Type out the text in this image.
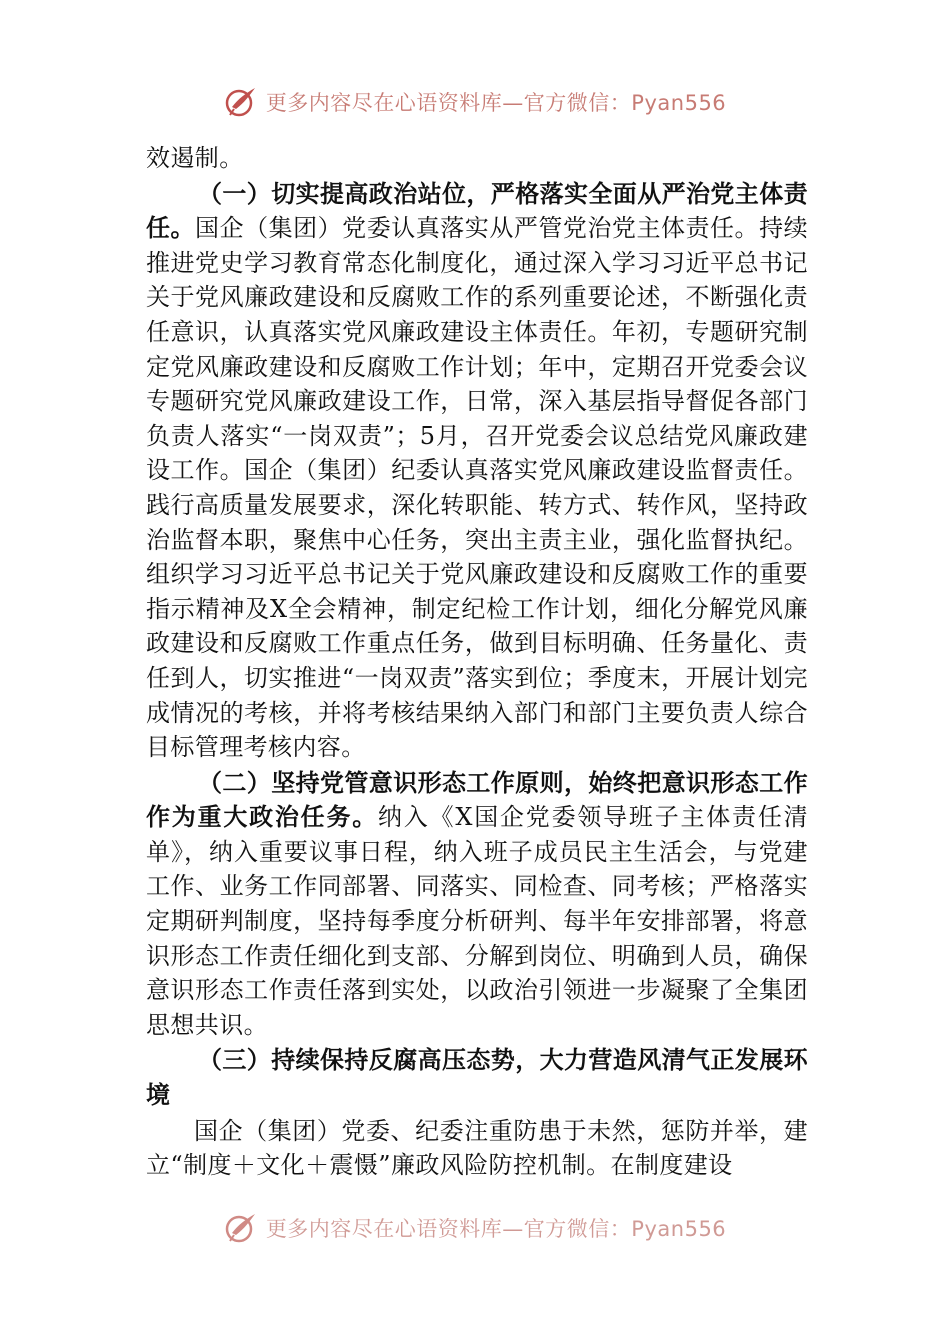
更多内容尽在心语资料库—官方微信：Pyan556

效遏制。

（一）切实提高政治站位，严格落实全面从严治党主体责任。国企（集团）党委认真落实从严管党治党主体责任。持续推进党史学习教育常态化制度化，通过深入学习习近平总书记关于党风廉政建设和反腐败工作的系列重要论述，不断强化责任意识，认真落实党风廉政建设主体责任。年初，专题研究制定党风廉政建设和反腐败工作计划；年中，定期召开党委会议专题研究党风廉政建设工作，日常，深入基层指导督促各部门负责人落实“一岗双责”；5月，召开党委会议总结党风廉政建设工作。国企（集团）纪委认真落实党风廉政建设监督责任。践行高质量发展要求，深化转职能、转方式、转作风，坚持政治监督本职，聚焦中心任务，突出主责主业，强化监督执纪。组织学习习近平总书记关于党风廉政建设和反腐败工作的重要指示精神及X全会精神，制定纪检工作计划，细化分解党风廉政建设和反腐败工作重点任务，做到目标明确、任务量化、责任到人，切实推进“一岗双责”落实到位；季度末，开展计划完成情况的考核，并将考核结果纳入部门和部门主要负责人综合目标管理考核内容。

（二）坚持党管意识形态工作原则，始终把意识形态工作作为重大政治任务。纳入《X国企党委领导班子主体责任清单》，纳入重要议事日程，纳入班子成员民主生活会，与党建工作、业务工作同部署、同落实、同检查、同考核；严格落实定期研判制度，坚持每季度分析研判、每半年安排部署，将意识形态工作责任细化到支部、分解到岗位、明确到人员，确保意识形态工作责任落到实处，以政治引领进一步凝聚了全集团思想共识。

（三）持续保持反腐高压态势，大力营造风清气正发展环境

国企（集团）党委、纪委注重防患于未然，惩防并举，建立“制度＋文化＋震慑”廉政风险防控机制。在制度建设

更多内容尽在心语资料库—官方微信：Pyan556
